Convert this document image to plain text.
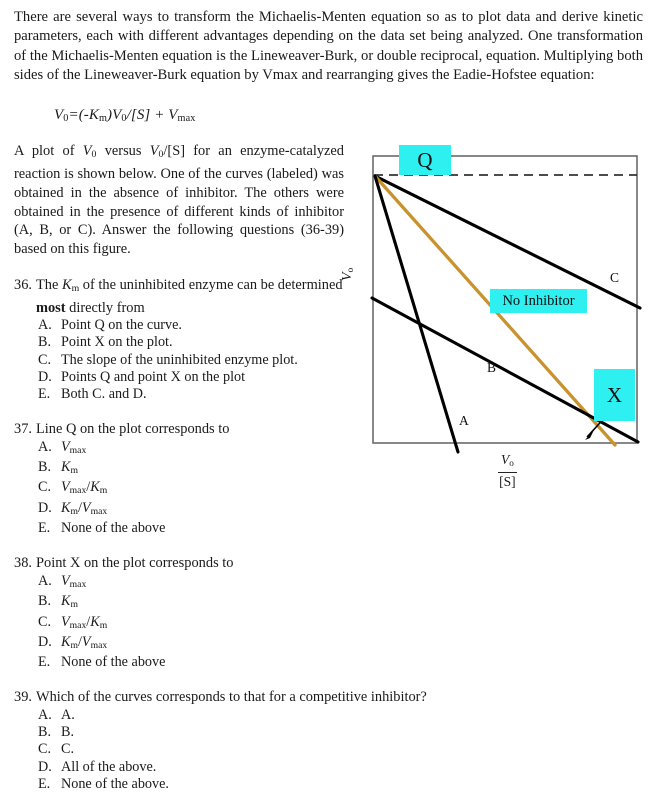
There are several ways to transform the Michaelis-Menten equation so as to plot data and derive kinetic parameters, each with different advantages depending on the data set being analyzed. One transformation of the Michaelis-Menten equation is the Lineweaver-Burk, or double reciprocal, equation. Multiplying both sides of the Lineweaver-Burk equation by Vmax and rearranging gives the Eadie-Hofstee equation:
$V_0=(-Km)V_0/[S] + V_{max}$
A plot of $V_0$ versus $V_0/[S]$ for an enzyme-catalyzed reaction is shown below. One of the curves (labeled) was obtained in the absence of inhibitor. The others were obtained in the presence of different kinds of inhibitor (A, B, or C). Answer the following questions (36-39) based on this figure.
36. The $K_m$ of the uninhibited enzyme can be determined most directly from
A. Point Q on the curve.
B. Point X on the plot.
C. The slope of the uninhibited enzyme plot.
D. Points Q and point X on the plot
E. Both C. and D.
37. Line Q on the plot corresponds to
A. $V_{max}$
B. $K_m$
C. $V_{max}/K_m$
D. $K_m/V_{max}$
E. None of the above
38. Point X on the plot corresponds to
A. $V_{max}$
B. $K_m$
C. $V_{max}/K_m$
D. $K_m/V_{max}$
E. None of the above
39. Which of the curves corresponds to that for a competitive inhibitor?
A. A.
B. B.
C. C.
D. All of the above.
E. None of the above.
A
B
C
$V_o$
$\frac{V_o}{[S]}$
Q
No Inhibitor
X
